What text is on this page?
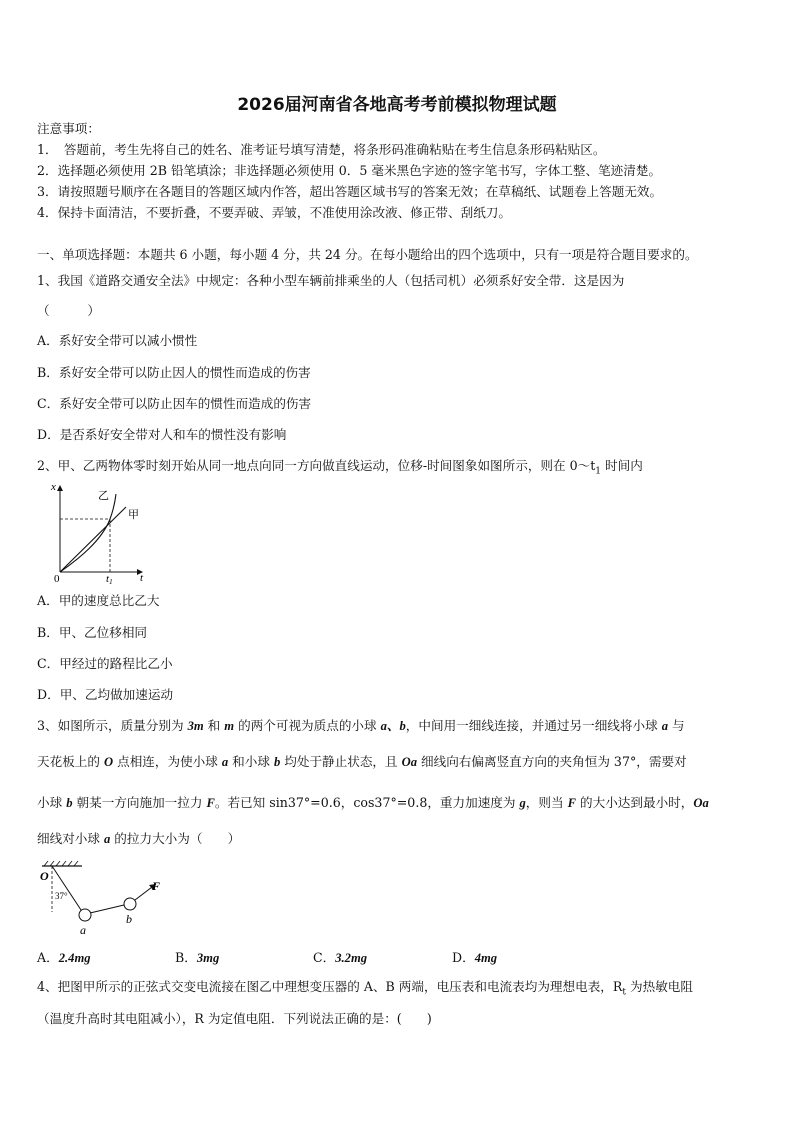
2026届河南省各地高考考前模拟物理试题
注意事项：
1．　答题前，考生先将自己的姓名、准考证号填写清楚，将条形码准确粘贴在考生信息条形码粘贴区。
2．选择题必须使用 2B 铅笔填涂；非选择题必须使用 0．5 毫米黑色字迹的签字笔书写，字体工整、笔迹清楚。
3．请按照题号顺序在各题目的答题区域内作答，超出答题区域书写的答案无效；在草稿纸、试题卷上答题无效。
4．保持卡面清洁，不要折叠，不要弄破、弄皱，不准使用涂改液、修正带、刮纸刀。
一、单项选择题：本题共 6 小题，每小题 4 分，共 24 分。在每小题给出的四个选项中，只有一项是符合题目要求的。
1、我国《道路交通安全法》中规定：各种小型车辆前排乘坐的人（包括司机）必须系好安全带．这是因为
（　　　）
A．系好安全带可以减小惯性
B．系好安全带可以防止因人的惯性而造成的伤害
C．系好安全带可以防止因车的惯性而造成的伤害
D．是否系好安全带对人和车的惯性没有影响
2、甲、乙两物体零时刻开始从同一地点向同一方向做直线运动，位移-时间图象如图所示，则在 $0\sim t_1$ 时间内
x
t
0	t1
乙
甲
A．甲的速度总比乙大
B．甲、乙位移相同
C．甲经过的路程比乙小
D．甲、乙均做加速运动
3、如图所示，质量分别为 3m 和 m 的两个可视为质点的小球 a、b，中间用一细线连接，并通过另一细线将小球 a 与
天花板上的 O 点相连，为使小球 a 和小球 b 均处于静止状态，且 Oa 细线向右偏离竖直方向的夹角恒为 37°，需要对
小球 b 朝某一方向施加一拉力 F。若已知 sin37°=0.6，cos37°=0.8，重力加速度为 g，则当 F 的大小达到最小时，Oa
细线对小球 a 的拉力大小为（　　）
O
37°
a
b
F
A．2.4mg	B．3mg	C．3.2mg	D．4mg
4、把图甲所示的正弦式交变电流接在图乙中理想变压器的 A、B 两端，电压表和电流表均为理想电表，$R_t$ 为热敏电阻
（温度升高时其电阻减小），R 为定值电阻．下列说法正确的是：(　　)
